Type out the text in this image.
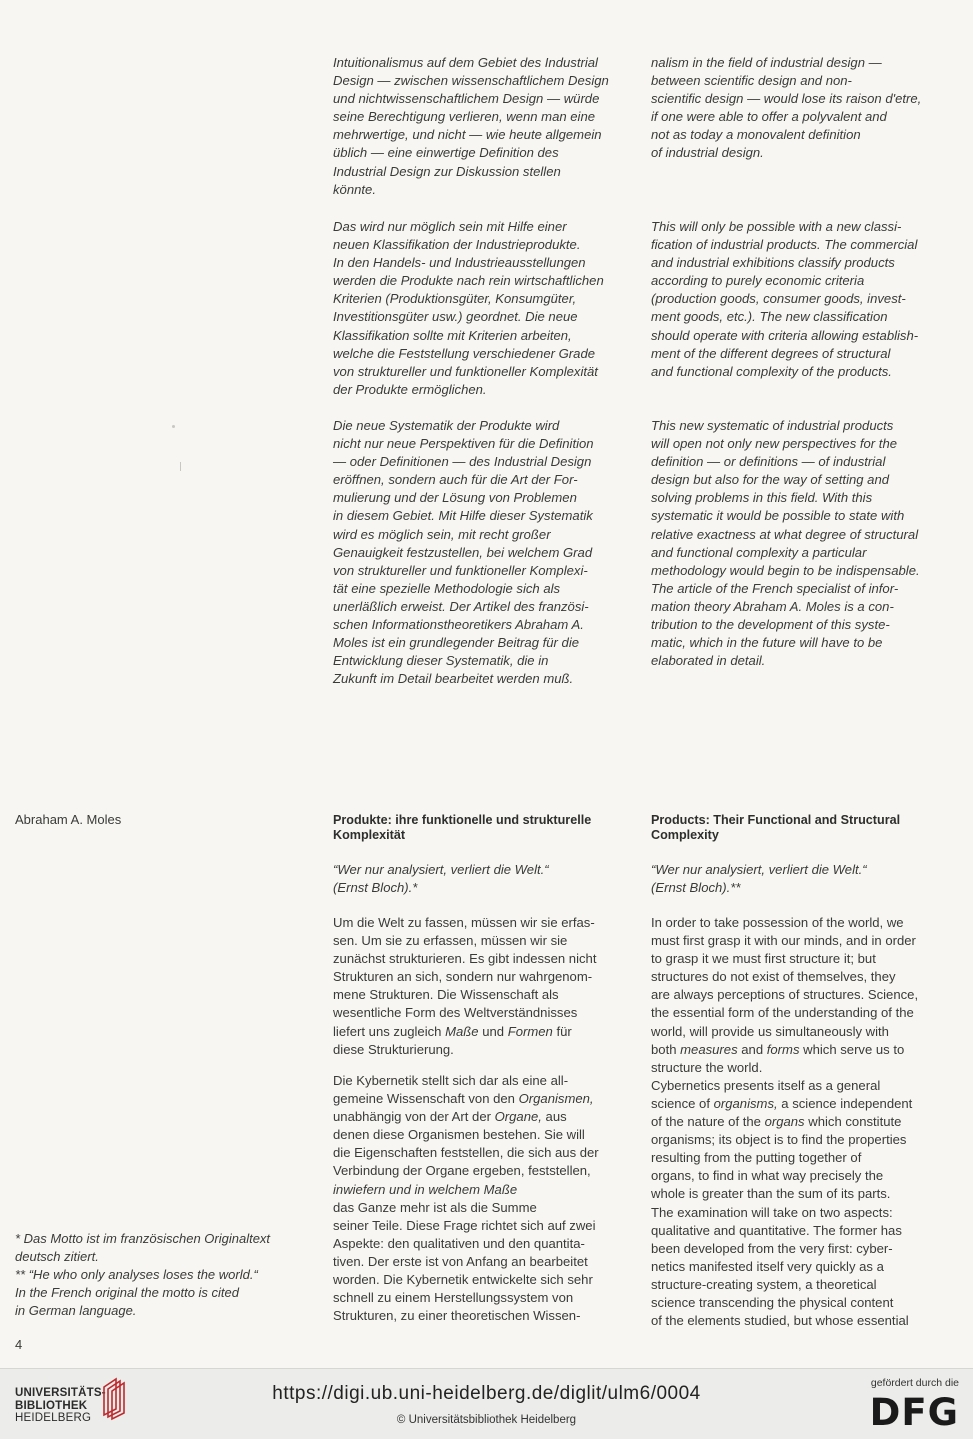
Intuitionalismus auf dem Gebiet des Industrial
Design — zwischen wissenschaftlichem Design
und nichtwissenschaftlichem Design — würde
seine Berechtigung verlieren, wenn man eine
mehrwertige, und nicht — wie heute allgemein
üblich — eine einwertige Definition des
Industrial Design zur Diskussion stellen
könnte.
Das wird nur möglich sein mit Hilfe einer
neuen Klassifikation der Industrieprodukte.
In den Handels- und Industrieausstellungen
werden die Produkte nach rein wirtschaftlichen
Kriterien (Produktionsgüter, Konsumgüter,
Investitionsgüter usw.) geordnet. Die neue
Klassifikation sollte mit Kriterien arbeiten,
welche die Feststellung verschiedener Grade
von struktureller und funktioneller Komplexität
der Produkte ermöglichen.
Die neue Systematik der Produkte wird
nicht nur neue Perspektiven für die Definition
— oder Definitionen — des Industrial Design
eröffnen, sondern auch für die Art der For-
mulierung und der Lösung von Problemen
in diesem Gebiet. Mit Hilfe dieser Systematik
wird es möglich sein, mit recht großer
Genauigkeit festzustellen, bei welchem Grad
von struktureller und funktioneller Komplexi-
tät eine spezielle Methodologie sich als
unerläßlich erweist. Der Artikel des französi-
schen Informationstheoretikers Abraham A.
Moles ist ein grundlegender Beitrag für die
Entwicklung dieser Systematik, die in
Zukunft im Detail bearbeitet werden muß.
nalism in the field of industrial design —
between scientific design and non-
scientific design — would lose its raison d'etre,
if one were able to offer a polyvalent and
not as today a monovalent definition
of industrial design.
This will only be possible with a new classi-
fication of industrial products. The commercial
and industrial exhibitions classify products
according to purely economic criteria
(production goods, consumer goods, invest-
ment goods, etc.). The new classification
should operate with criteria allowing establish-
ment of the different degrees of structural
and functional complexity of the products.
This new systematic of industrial products
will open not only new perspectives for the
definition — or definitions — of industrial
design but also for the way of setting and
solving problems in this field. With this
systematic it would be possible to state with
relative exactness at what degree of structural
and functional complexity a particular
methodology would begin to be indispensable.
The article of the French specialist of infor-
mation theory Abraham A. Moles is a con-
tribution to the development of this syste-
matic, which in the future will have to be
elaborated in detail.
Abraham A. Moles	Produkte: ihre funktionelle und strukturelle
Komplexität
Products: Their Functional and Structural
Complexity
“Wer nur analysiert, verliert die Welt.“
(Ernst Bloch).*
“Wer nur analysiert, verliert die Welt.“
(Ernst Bloch).**
Um die Welt zu fassen, müssen wir sie erfas-
sen. Um sie zu erfassen, müssen wir sie
zunächst strukturieren. Es gibt indessen nicht
Strukturen an sich, sondern nur wahrgenom-
mene Strukturen. Die Wissenschaft als
wesentliche Form des Weltverständnisses
liefert uns zugleich Maße und Formen für
diese Strukturierung.
Die Kybernetik stellt sich dar als eine all-
gemeine Wissenschaft von den Organismen,
unabhängig von der Art der Organe, aus
denen diese Organismen bestehen. Sie will
die Eigenschaften feststellen, die sich aus der
Verbindung der Organe ergeben, feststellen,
inwiefern und in welchem Maße
das Ganze mehr ist als die Summe
seiner Teile. Diese Frage richtet sich auf zwei
Aspekte: den qualitativen und den quantita-
tiven. Der erste ist von Anfang an bearbeitet
worden. Die Kybernetik entwickelte sich sehr
schnell zu einem Herstellungssystem von
Strukturen, zu einer theoretischen Wissen-
In order to take possession of the world, we
must first grasp it with our minds, and in order
to grasp it we must first structure it; but
structures do not exist of themselves, they
are always perceptions of structures. Science,
the essential form of the understanding of the
world, will provide us simultaneously with
both measures and forms which serve us to
structure the world.
Cybernetics presents itself as a general
science of organisms, a science independent
of the nature of the organs which constitute
organisms; its object is to find the properties
resulting from the putting together of
organs, to find in what way precisely the
whole is greater than the sum of its parts.
The examination will take on two aspects:
qualitative and quantitative. The former has
been developed from the very first: cyber-
netics manifested itself very quickly as a
structure-creating system, a theoretical
science transcending the physical content
of the elements studied, but whose essential
* Das Motto ist im französischen Originaltext
deutsch zitiert.
** “He who only analyses loses the world.“
In the French original the motto is cited
in German language.
4
UNIVERSITÄTS-
BIBLIOTHEK
HEIDELBERG
https://digi.ub.uni-heidelberg.de/diglit/ulm6/0004
© Universitätsbibliothek Heidelberg
gefördert durch die
DFG
